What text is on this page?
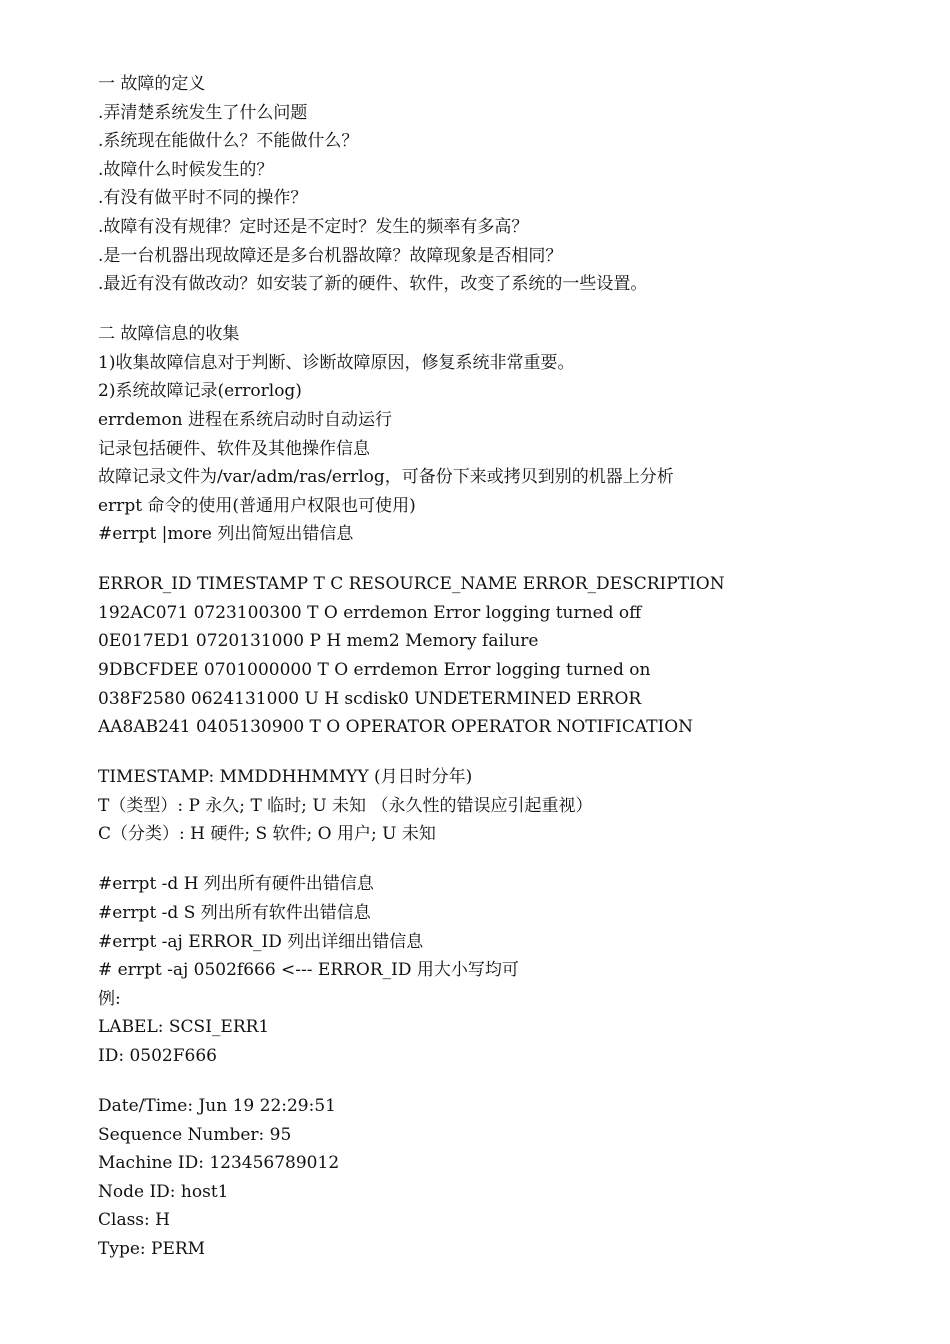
一 故障的定义
.弄清楚系统发生了什么问题
.系统现在能做什么？不能做什么？
.故障什么时候发生的？
.有没有做平时不同的操作？
.故障有没有规律？定时还是不定时？发生的频率有多高？
.是一台机器出现故障还是多台机器故障？故障现象是否相同？
.最近有没有做改动？如安装了新的硬件、软件，改变了系统的一些设置。
二 故障信息的收集
1)收集故障信息对于判断、诊断故障原因，修复系统非常重要。
2)系统故障记录(errorlog)
errdemon 进程在系统启动时自动运行
记录包括硬件、软件及其他操作信息
故障记录文件为/var/adm/ras/errlog，可备份下来或拷贝到别的机器上分析
errpt 命令的使用(普通用户权限也可使用)
#errpt |more 列出简短出错信息
ERROR_ID TIMESTAMP T C RESOURCE_NAME ERROR_DESCRIPTION
192AC071 0723100300 T O errdemon Error logging turned off
0E017ED1 0720131000 P H mem2 Memory failure
9DBCFDEE 0701000000 T O errdemon Error logging turned on
038F2580 0624131000 U H scdisk0 UNDETERMINED ERROR
AA8AB241 0405130900 T O OPERATOR OPERATOR NOTIFICATION
TIMESTAMP: MMDDHHMMYY (月日时分年)
T（类型）: P 永久; T 临时; U 未知 （永久性的错误应引起重视）
C（分类）: H 硬件; S 软件; O 用户; U 未知
#errpt -d H 列出所有硬件出错信息
#errpt -d S 列出所有软件出错信息
#errpt -aj ERROR_ID 列出详细出错信息
# errpt -aj 0502f666 <--- ERROR_ID 用大小写均可
例:
LABEL: SCSI_ERR1
ID: 0502F666
Date/Time: Jun 19 22:29:51
Sequence Number: 95
Machine ID: 123456789012
Node ID: host1
Class: H
Type: PERM
